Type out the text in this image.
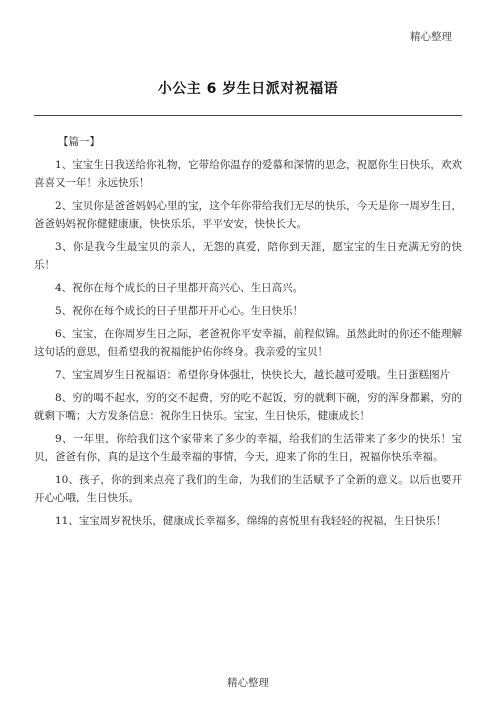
精心整理
小公主 6 岁生日派对祝福语
【篇一】

1、宝宝生日我送给你礼物，它带给你温存的爱慕和深情的思念，祝愿你生日快乐，欢欢喜喜又一年！永远快乐！

2、宝贝你是爸爸妈妈心里的宝，这个年你带给我们无尽的快乐，今天是你一周岁生日，爸爸妈妈祝你健健康康，快快乐乐，平平安安，快快长大。

3、你是我今生最宝贝的亲人，无怨的真爱，陪你到天涯，愿宝宝的生日充满无穷的快乐！

4、祝你在每个成长的日子里都开高兴心、生日高兴。

5、祝你在每个成长的日子里都开开心心。生日快乐！

6、宝宝，在你周岁生日之际，老爸祝你平安幸福，前程似锦。虽然此时的你还不能理解这句话的意思，但希望我的祝福能护佑你终身。我亲爱的宝贝！

7、宝宝周岁生日祝福语：希望你身体强壮，快快长大，越长越可爱哦。生日蛋糕图片

8、穷的喝不起水，穷的交不起费，穷的吃不起饭，穷的就剩下碗，穷的浑身都累，穷的就剩下嘴；大方发条信息：祝你生日快乐。宝宝，生日快乐，健康成长！

9、一年里，你给我们这个家带来了多少的幸福，给我们的生活带来了多少的快乐！宝贝，爸爸有你，真的是这个生最幸福的事情，今天，迎来了你的生日，祝福你快乐幸福。

10、孩子，你的到来点亮了我们的生命，为我们的生活赋予了全新的意义。以后也要开开心心哦，生日快乐。

11、宝宝周岁祝快乐，健康成长幸福多，绵绵的喜悦里有我轻轻的祝福，生日快乐！

精心整理
